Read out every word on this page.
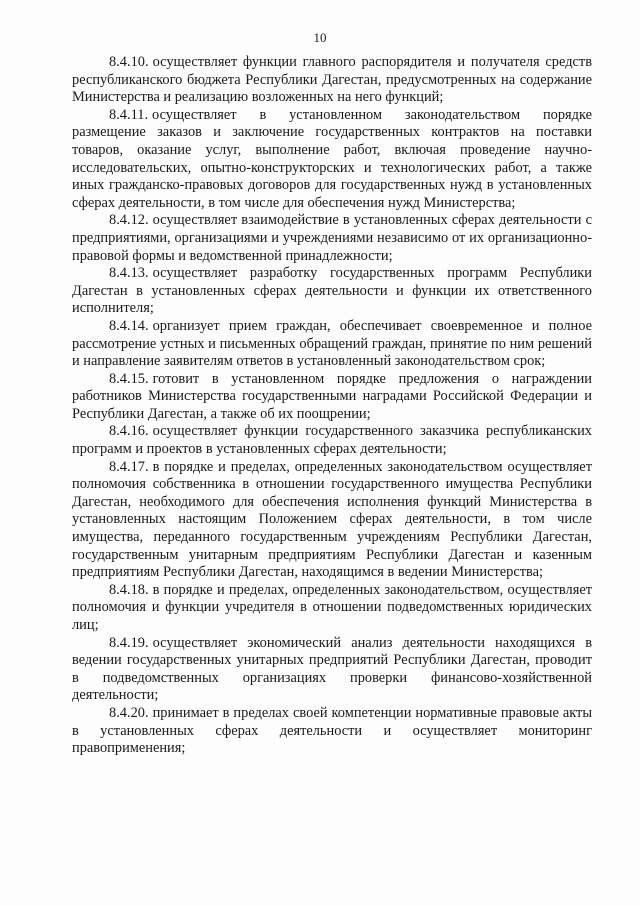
10

8.4.10. осуществляет функции главного распорядителя и получателя средств республиканского бюджета Республики Дагестан, предусмотренных на содержание Министерства и реализацию возложенных на него функций;

8.4.11. осуществляет в установленном законодательством порядке размещение заказов и заключение государственных контрактов на поставки товаров, оказание услуг, выполнение работ, включая проведение научно-исследовательских, опытно-конструкторских и технологических работ, а также иных гражданско-правовых договоров для государственных нужд в установленных сферах деятельности, в том числе для обеспечения нужд Министерства;

8.4.12. осуществляет взаимодействие в установленных сферах деятельности с предприятиями, организациями и учреждениями независимо от их организационно-правовой формы и ведомственной принадлежности;

8.4.13. осуществляет разработку государственных программ Республики Дагестан в установленных сферах деятельности и функции их ответственного исполнителя;

8.4.14. организует прием граждан, обеспечивает своевременное и полное рассмотрение устных и письменных обращений граждан, принятие по ним решений и направление заявителям ответов в установленный законодательством срок;

8.4.15. готовит в установленном порядке предложения о награждении работников Министерства государственными наградами Российской Федерации и Республики Дагестан, а также об их поощрении;

8.4.16. осуществляет функции государственного заказчика республиканских программ и проектов в установленных сферах деятельности;

8.4.17. в порядке и пределах, определенных законодательством осуществляет полномочия собственника в отношении государственного имущества Республики Дагестан, необходимого для обеспечения исполнения функций Министерства в установленных настоящим Положением сферах деятельности, в том числе имущества, переданного государственным учреждениям Республики Дагестан, государственным унитарным предприятиям Республики Дагестан и казенным предприятиям Республики Дагестан, находящимся в ведении Министерства;

8.4.18. в порядке и пределах, определенных законодательством, осуществляет полномочия и функции учредителя в отношении подведомственных юридических лиц;

8.4.19. осуществляет экономический анализ деятельности находящихся в ведении государственных унитарных предприятий Республики Дагестан, проводит в подведомственных организациях проверки финансово-хозяйственной деятельности;

8.4.20. принимает в пределах своей компетенции нормативные правовые акты в установленных сферах деятельности и осуществляет мониторинг правоприменения;
